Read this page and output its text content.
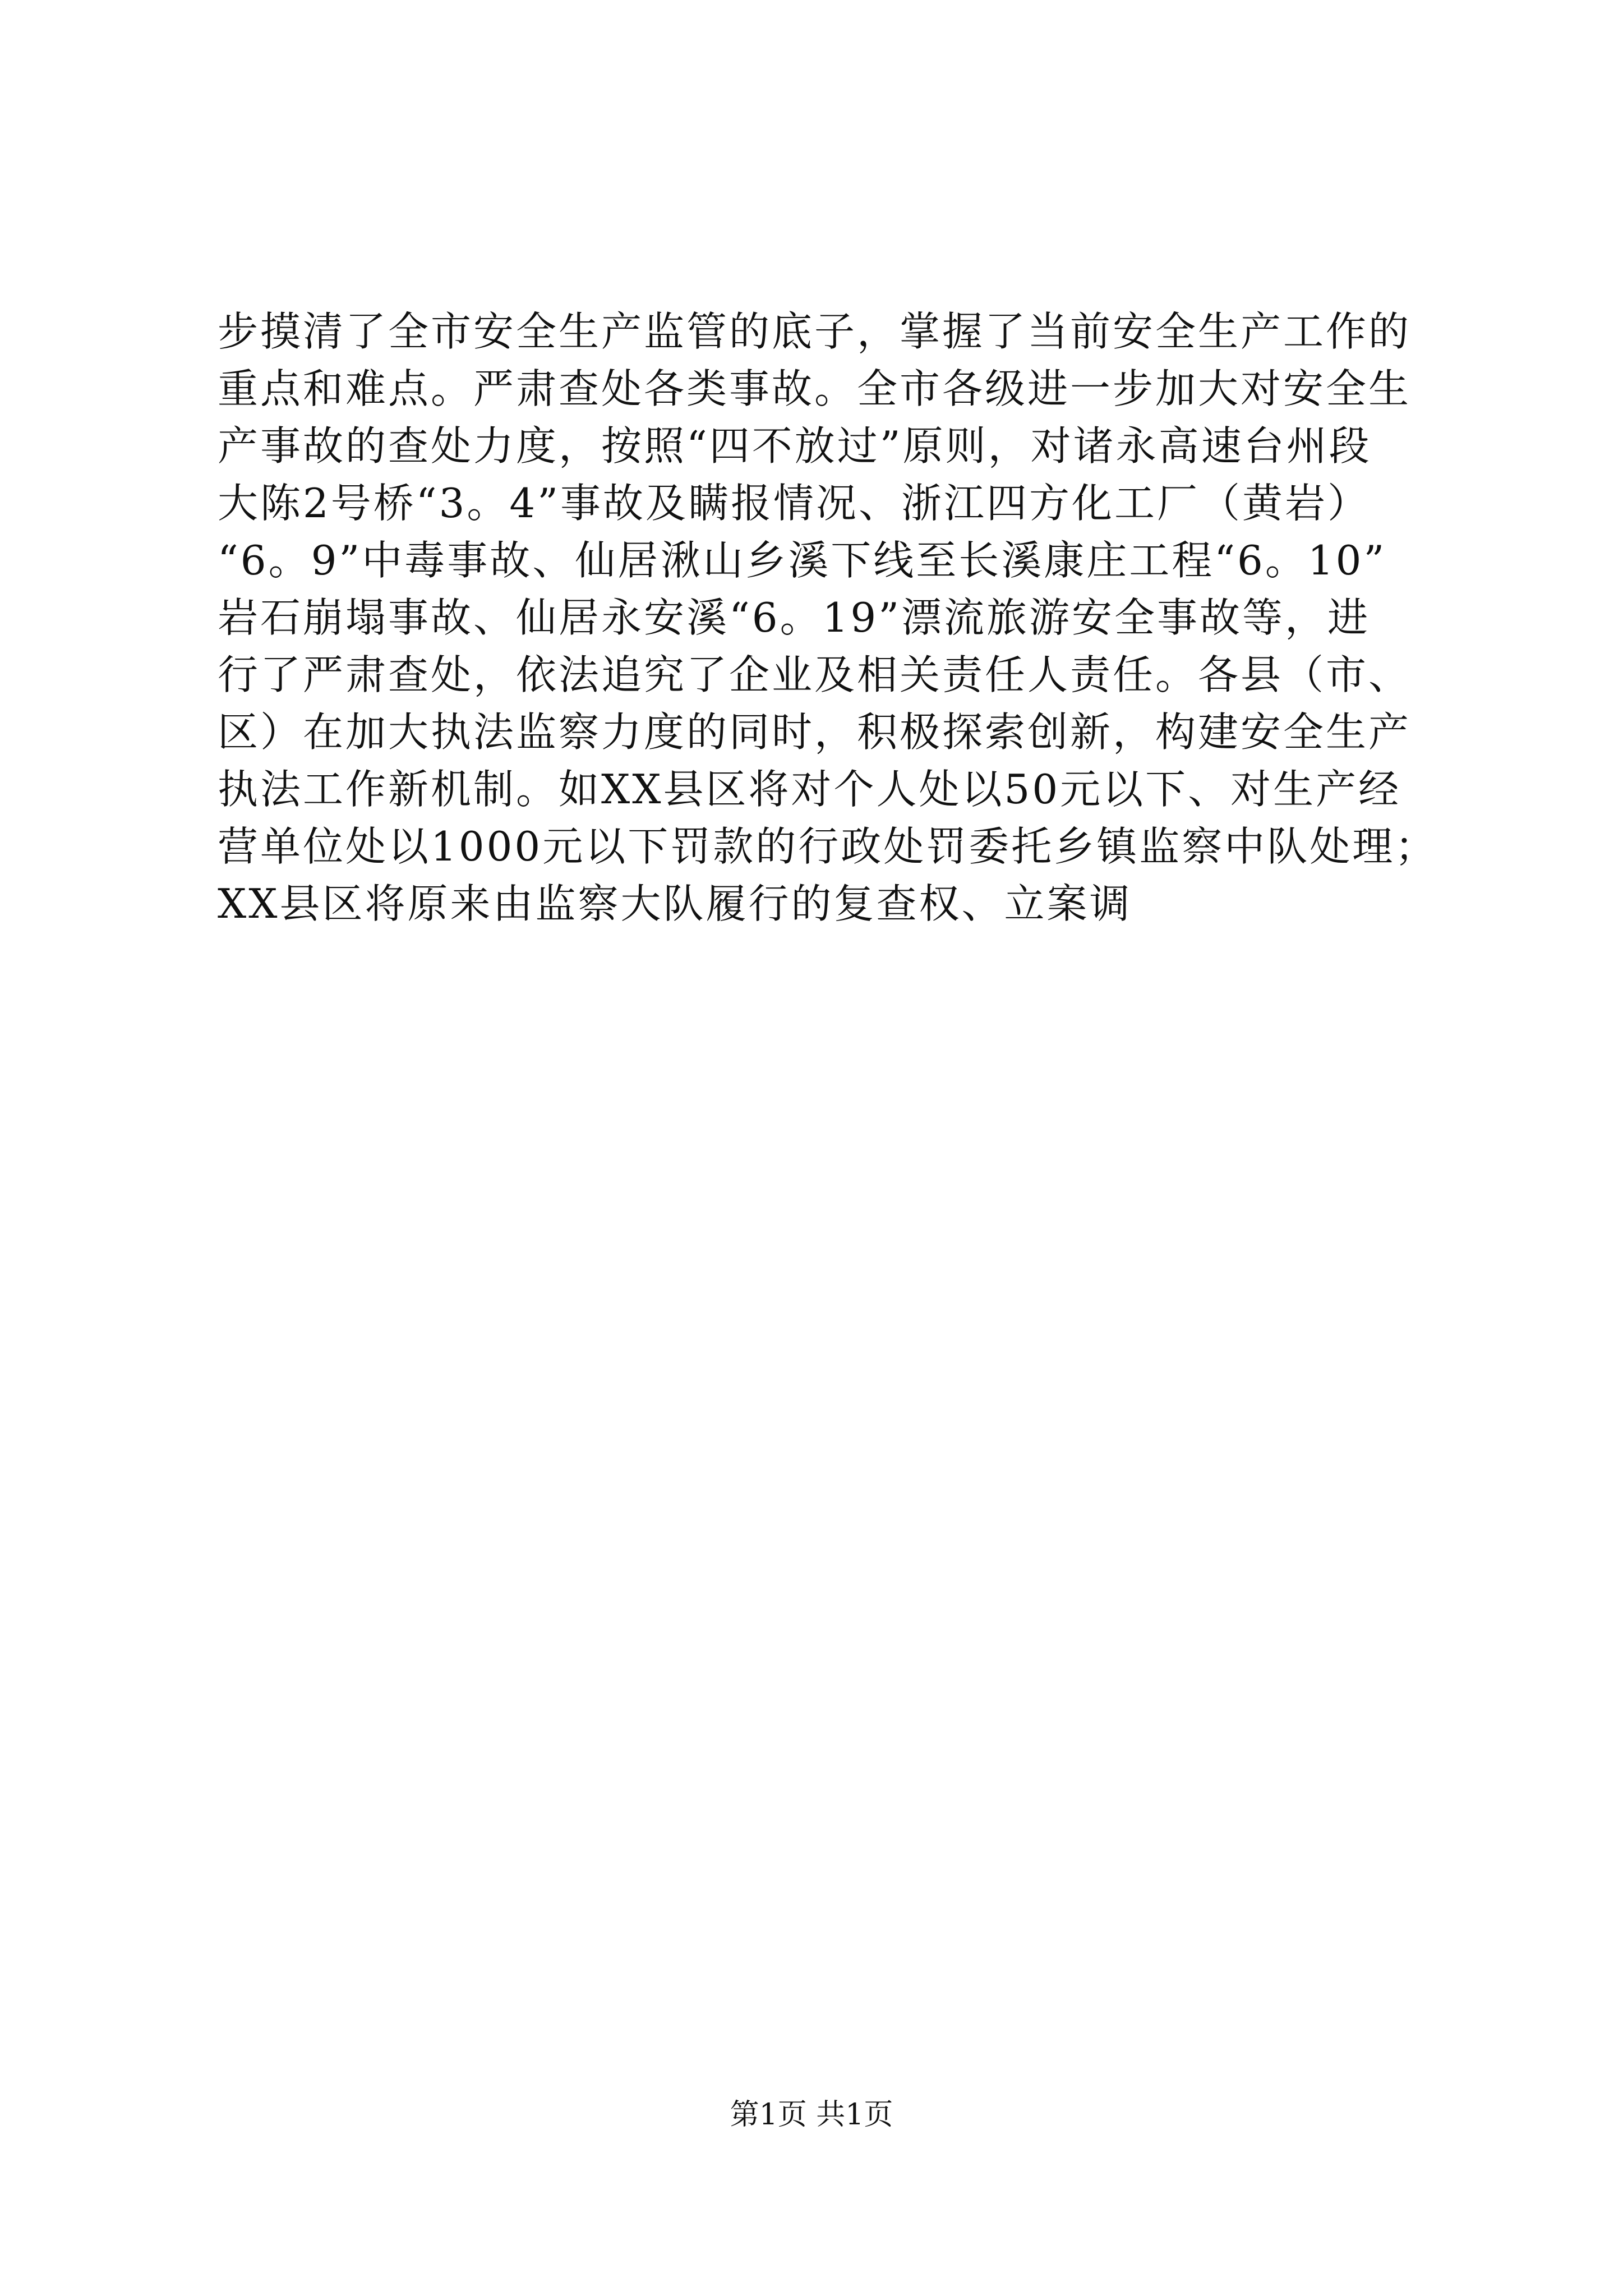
步摸清了全市安全生产监管的底子，掌握了当前安全生产工作的

重点和难点。严肃查处各类事故。全市各级进一步加大对安全生

产事故的查处力度，按照“四不放过”原则，对诸永高速台州段

大陈2号桥“3。4”事故及瞒报情况、浙江四方化工厂（黄岩）

“6。9”中毒事故、仙居湫山乡溪下线至长溪康庄工程“6。10”

岩石崩塌事故、仙居永安溪“6。19”漂流旅游安全事故等，进

行了严肃查处，依法追究了企业及相关责任人责任。各县（市、

区）在加大执法监察力度的同时，积极探索创新，构建安全生产

执法工作新机制。如XX县区将对个人处以50元以下、对生产经

营单位处以1000元以下罚款的行政处罚委托乡镇监察中队处理；

XX县区将原来由监察大队履行的复查权、立案调

第1页 共1页
